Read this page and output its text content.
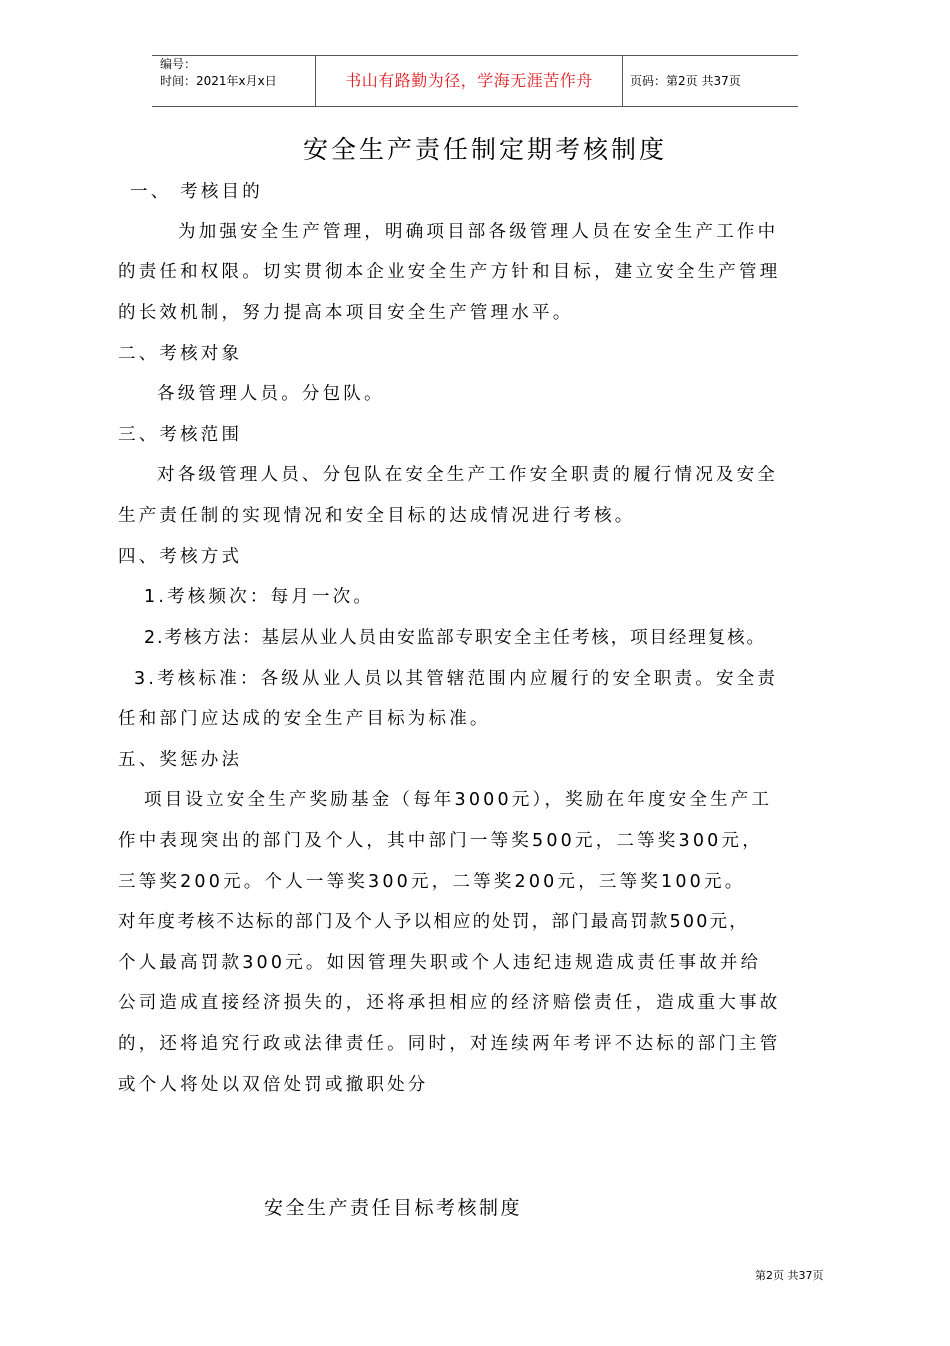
编号：
时间：2021年x月x日	书山有路勤为径，学海无涯苦作舟	页码：第2页 共37页
安全生产责任制定期考核制度
一、 考核目的
为加强安全生产管理，明确项目部各级管理人员在安全生产工作中
的责任和权限。切实贯彻本企业安全生产方针和目标，建立安全生产管理
的长效机制，努力提高本项目安全生产管理水平。
二、考核对象
各级管理人员。分包队。
三、考核范围
对各级管理人员、分包队在安全生产工作安全职责的履行情况及安全
生产责任制的实现情况和安全目标的达成情况进行考核。
四、考核方式
1.考核频次：每月一次。
2.考核方法：基层从业人员由安监部专职安全主任考核，项目经理复核。
3.考核标准：各级从业人员以其管辖范围内应履行的安全职责。安全责
任和部门应达成的安全生产目标为标准。
五、奖惩办法
项目设立安全生产奖励基金（每年3000元），奖励在年度安全生产工
作中表现突出的部门及个人，其中部门一等奖500元，二等奖300元，
三等奖200元。个人一等奖300元，二等奖200元，三等奖100元。
对年度考核不达标的部门及个人予以相应的处罚，部门最高罚款500元，
个人最高罚款300元。如因管理失职或个人违纪违规造成责任事故并给
公司造成直接经济损失的，还将承担相应的经济赔偿责任，造成重大事故
的，还将追究行政或法律责任。同时，对连续两年考评不达标的部门主管
或个人将处以双倍处罚或撤职处分
安全生产责任目标考核制度
第2页 共37页
